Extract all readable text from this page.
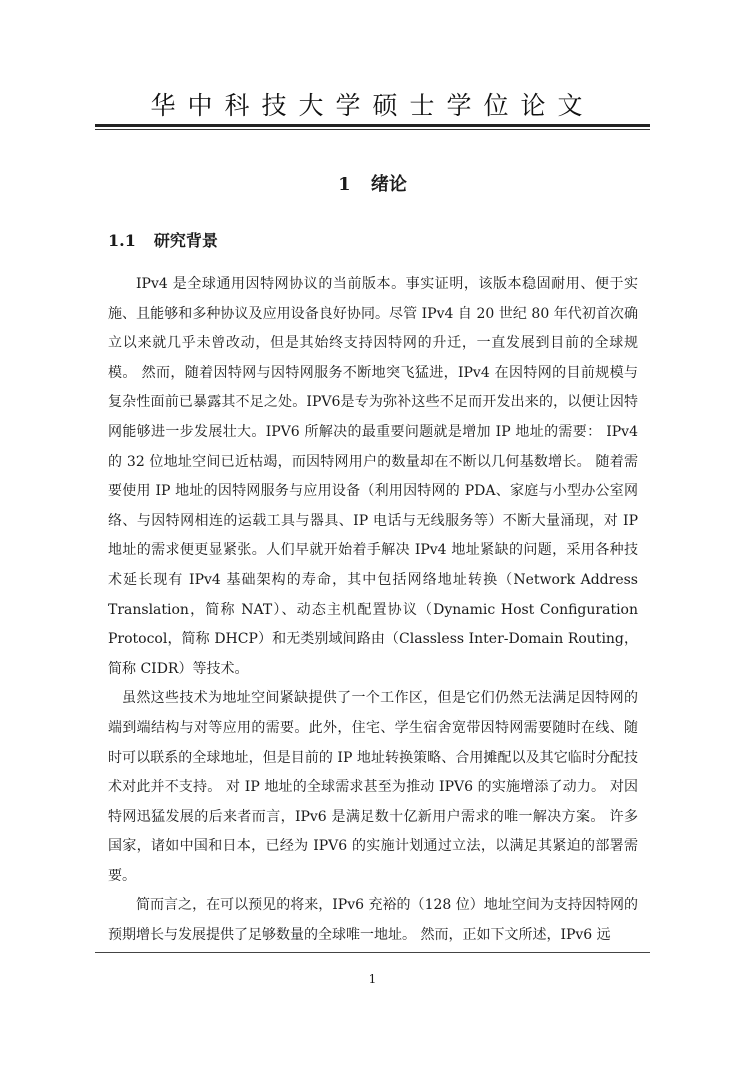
华中科技大学硕士学位论文
1 绪论
1.1 研究背景

IPv4 是全球通用因特网协议的当前版本。事实证明，该版本稳固耐用、便于实施、且能够和多种协议及应用设备良好协同。尽管 IPv4 自 20 世纪 80 年代初首次确立以来就几乎未曾改动，但是其始终支持因特网的升迁，一直发展到目前的全球规模。 然而，随着因特网与因特网服务不断地突飞猛进，IPv4 在因特网的目前规模与复杂性面前已暴露其不足之处。IPV6是专为弥补这些不足而开发出来的，以便让因特网能够进一步发展壮大。IPV6 所解决的最重要问题就是增加 IP 地址的需要： IPv4 的 32 位地址空间已近枯竭，而因特网用户的数量却在不断以几何基数增长。 随着需要使用 IP 地址的因特网服务与应用设备（利用因特网的 PDA、家庭与小型办公室网络、与因特网相连的运载工具与器具、IP 电话与无线服务等）不断大量涌现，对 IP 地址的需求便更显紧张。人们早就开始着手解决 IPv4 地址紧缺的问题，采用各种技术延长现有 IPv4 基础架构的寿命，其中包括网络地址转换（Network Address Translation，简称 NAT）、动态主机配置协议（Dynamic Host Configuration Protocol，简称 DHCP）和无类别域间路由（Classless Inter-Domain Routing，简称 CIDR）等技术。

虽然这些技术为地址空间紧缺提供了一个工作区，但是它们仍然无法满足因特网的端到端结构与对等应用的需要。此外，住宅、学生宿舍宽带因特网需要随时在线、随时可以联系的全球地址，但是目前的 IP 地址转换策略、合用摊配以及其它临时分配技术对此并不支持。 对 IP 地址的全球需求甚至为推动 IPV6 的实施增添了动力。 对因特网迅猛发展的后来者而言，IPv6 是满足数十亿新用户需求的唯一解决方案。 许多国家，诸如中国和日本，已经为 IPV6 的实施计划通过立法，以满足其紧迫的部署需要。

简而言之，在可以预见的将来，IPv6 充裕的（128 位）地址空间为支持因特网的预期增长与发展提供了足够数量的全球唯一地址。 然而，正如下文所述，IPv6 远

1
